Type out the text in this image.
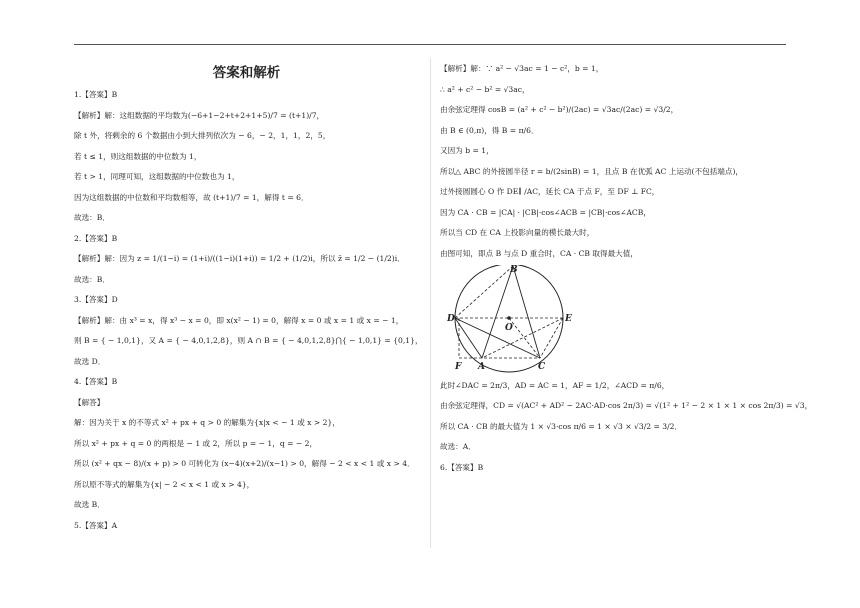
答案和解析

1.【答案】B

【解析】解：这组数据的平均数为(−6+1−2+t+2+1+5)/7 = (t+1)/7，

除 t 外，将剩余的 6 个数据由小到大排列依次为 − 6，− 2，1，1，2，5，

若 t ≤ 1，则这组数据的中位数为 1，

若 t > 1，同理可知，这组数据的中位数也为 1，

因为这组数据的中位数和平均数相等，故 (t+1)/7 = 1，解得 t = 6．

故选：B．

2.【答案】B

【解析】解：因为 z = 1/(1−i) = (1+i)/((1−i)(1+i)) = 1/2 + (1/2)i，所以 z̄ = 1/2 − (1/2)i．

故选：B．

3.【答案】D

【解析】解：由 x³ = x，得 x³ − x = 0，即 x(x² − 1) = 0，解得 x = 0 或 x = 1 或 x = − 1，

则 B = { − 1,0,1}，又 A = { − 4,0,1,2,8}，则 A ∩ B = { − 4,0,1,2,8}⋂{ − 1,0,1} = {0,1}，

故选 D．

4.【答案】B

【解答】

解：因为关于 x 的不等式 x² + px + q > 0 的解集为{x|x < − 1 或 x > 2}，

所以 x² + px + q = 0 的两根是 − 1 或 2，所以 p = − 1，q = − 2，

所以 (x² + qx − 8)/(x + p) > 0 可转化为 (x−4)(x+2)/(x−1) > 0，解得 − 2 < x < 1 或 x > 4．

所以原不等式的解集为{x| − 2 < x < 1 或 x > 4}，

故选 B．

5.【答案】A

【解析】解：∵ a² − √3ac = 1 − c²，b = 1，

∴ a² + c² − b² = √3ac，

由余弦定理得 cosB = (a² + c² − b²)/(2ac) = √3ac/(2ac) = √3/2，

由 B ∈ (0,π)，得 B = π/6．

又因为 b = 1，

所以△ ABC 的外接圆半径 r = b/(2sinB) = 1，且点 B 在优弧 AC 上运动(不包括端点)，

过外接圆圆心 O 作 DE∥ /AC，延长 CA 于点 F，至 DF ⊥ FC，

因为 CA · CB = |CA| · |CB|·cos∠ACB = |CB|·cos∠ACB，

所以当 CD 在 CA 上投影向量的模长最大时，

由图可知，即点 B 与点 D 重合时，CA · CB 取得最大值，

B
D
O
E
F A	C

此时∠DAC = 2π/3，AD = AC = 1，AF = 1/2，∠ACD = π/6，

由余弦定理得，CD = √(AC² + AD² − 2AC·AD·cos 2π/3) = √(1² + 1² − 2 × 1 × 1 × cos 2π/3) = √3，

所以 CA · CB 的最大值为 1 × √3·cos π/6 = 1 × √3 × √3/2 = 3/2．

故选：A．

6.【答案】B
